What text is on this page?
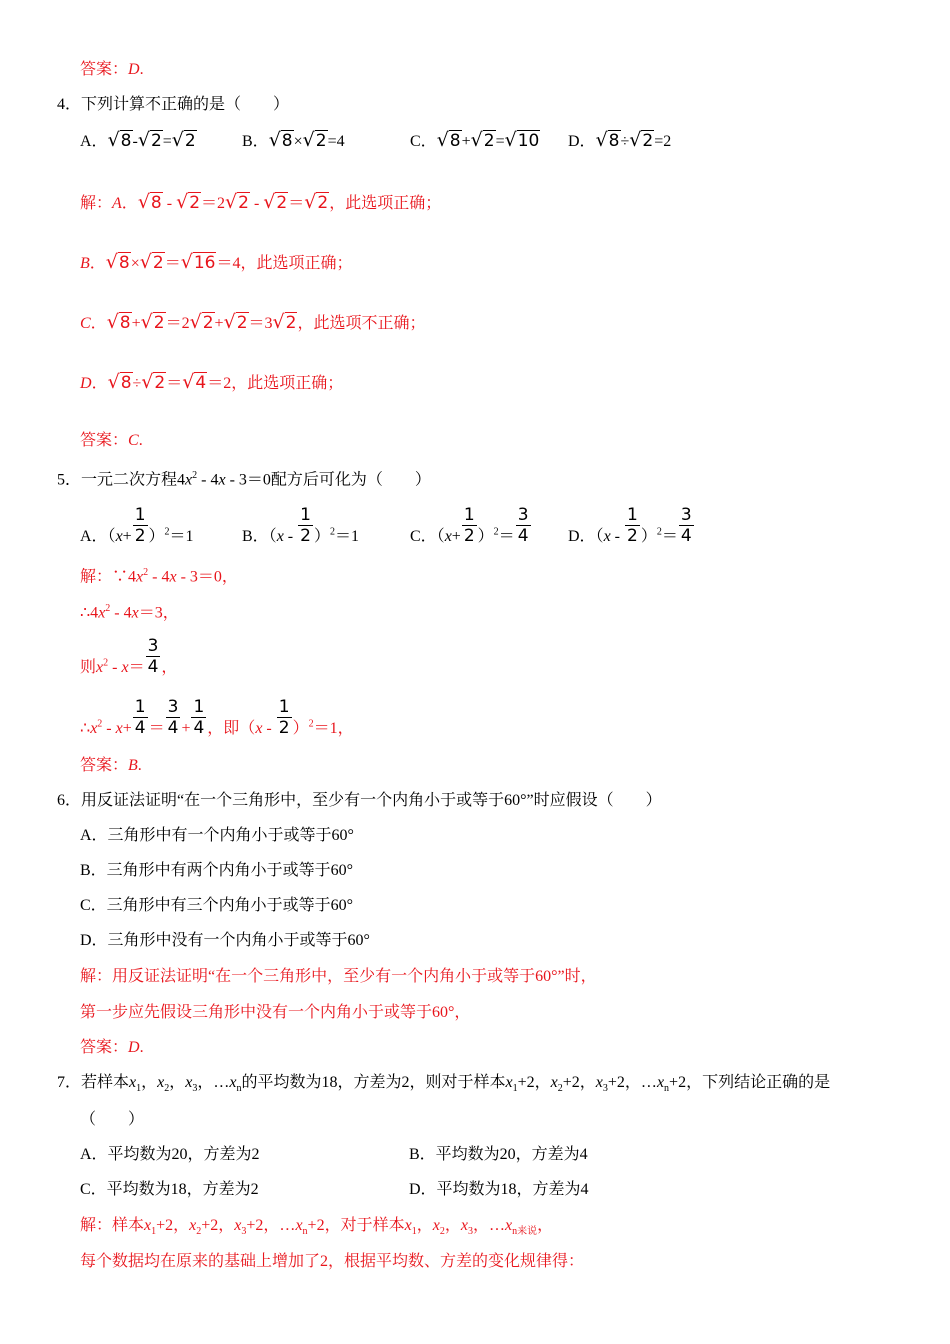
答案：D.
4．下列计算不正确的是（　　）
A．√8-√2=√2	B．√8×√2=4	C．√8+√2=√10 D．√8÷√2=2
解：A．√8 - √2＝2√2 - √2＝√2，此选项正确；
B．√8×√2＝√16＝4，此选项正确；
C．√8+√2＝2√2+√2＝3√2，此选项不正确；
D．√8÷√2＝√4＝2，此选项正确；
答案：C.
5．一元二次方程$4x^2 - 4x - 3=0$配方后可化为（　　）
A．$(x+ \frac{1}{2} )^2=1$	B．$(x - \frac{1}{2} )^2=1$	C．$(x+ \frac{1}{2} )^2= \frac{3}{4}$ D．$(x - \frac{1}{2} )^2= \frac{3}{4}$
解：$\because 4x^2 - 4x - 3=0$，
$\therefore 4x^2 - 4x=3$，
则$x^2 - x= \frac{3}{4}$ ，
$\therefore x^2 - x+ \frac{1}{4} = \frac{3}{4} + \frac{1}{4}$ ，即$(x - \frac{1}{2} )^2=1$，
答案：B.
6．用反证法证明“在一个三角形中，至少有一个内角小于或等于60°”时应假设（　　）
A．三角形中有一个内角小于或等于60°
B．三角形中有两个内角小于或等于60°
C．三角形中有三个内角小于或等于60°
D．三角形中没有一个内角小于或等于60°
解：用反证法证明“在一个三角形中，至少有一个内角小于或等于60°”时，
第一步应先假设三角形中没有一个内角小于或等于60°，
答案：D.
7．若样本$x_1$，$x_2$，$x_3$，$\dots x_n$的平均数为18，方差为2，则对于样本$x_1+2$，$x_2+2$，$x_3+2$，$\dots x_n+2$，下列结论正确的是
（　　）
A．平均数为20，方差为2	B．平均数为20，方差为4
C．平均数为18，方差为2	D．平均数为18，方差为4
解：样本$x_1+2$，$x_2+2$，$x_3+2$，$\dots x_n+2$，对于样本$x_1$，$x_2$，$x_3$，$\dots x_{n来说}$，
每个数据均在原来的基础上增加了2，根据平均数、方差的变化规律得：
